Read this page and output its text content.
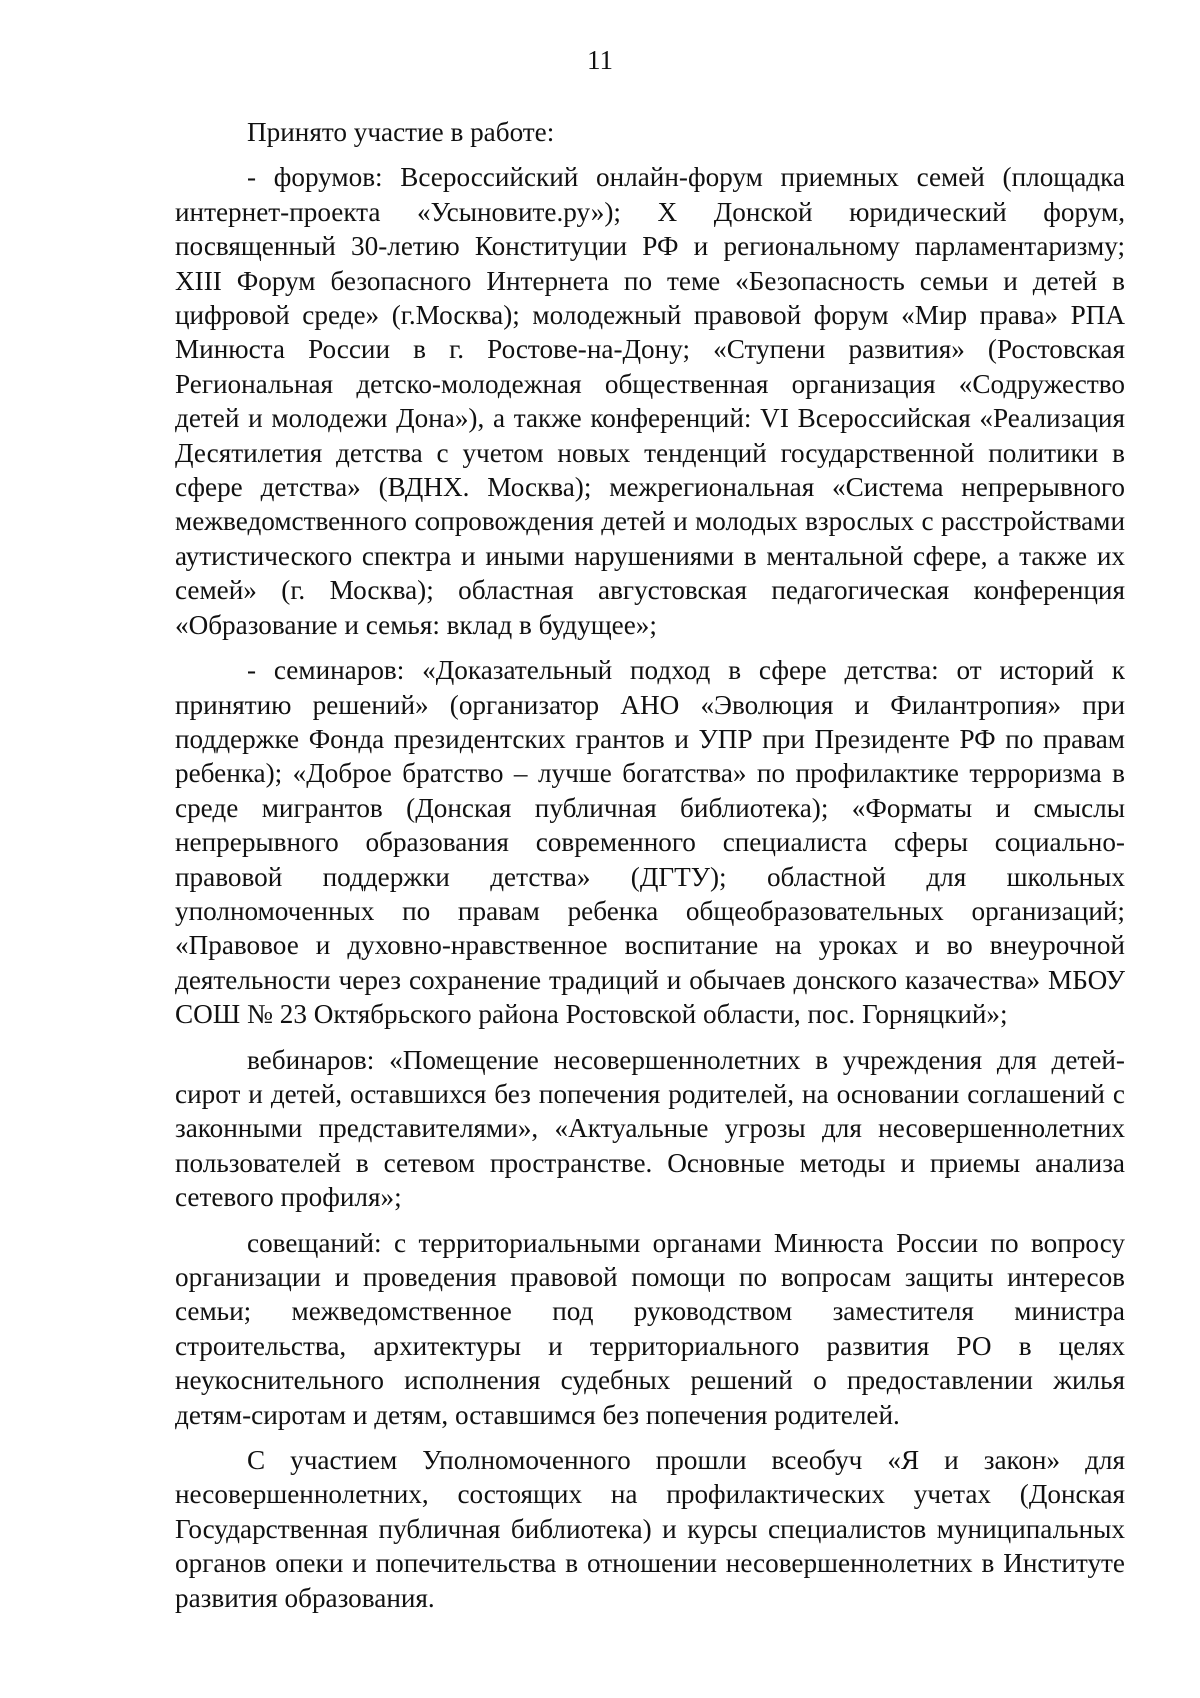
11

Принято участие в работе:

- форумов: Всероссийский онлайн-форум приемных семей (площадка интернет-проекта «Усыновите.ру»); X Донской юридический форум, посвященный 30-летию Конституции РФ и региональному парламентаризму; XIII Форум безопасного Интернета по теме «Безопасность семьи и детей в цифровой среде» (г.Москва); молодежный правовой форум «Мир права» РПА Минюста России в г. Ростове-на-Дону; «Ступени развития» (Ростовская Региональная детско-молодежная общественная организация «Содружество детей и молодежи Дона»), а также конференций: VI Всероссийская «Реализация Десятилетия детства с учетом новых тенденций государственной политики в сфере детства» (ВДНХ. Москва); межрегиональная «Система непрерывного межведомственного сопровождения детей и молодых взрослых с расстройствами аутистического спектра и иными нарушениями в ментальной сфере, а также их семей» (г. Москва); областная августовская педагогическая конференция «Образование и семья: вклад в будущее»;

- семинаров: «Доказательный подход в сфере детства: от историй к принятию решений» (организатор АНО «Эволюция и Филантропия» при поддержке Фонда президентских грантов и УПР при Президенте РФ по правам ребенка); «Доброе братство – лучше богатства» по профилактике терроризма в среде мигрантов (Донская публичная библиотека); «Форматы и смыслы непрерывного образования современного специалиста сферы социально-правовой поддержки детства» (ДГТУ); областной для школьных уполномоченных по правам ребенка общеобразовательных организаций; «Правовое и духовно-нравственное воспитание на уроках и во внеурочной деятельности через сохранение традиций и обычаев донского казачества» МБОУ СОШ № 23 Октябрьского района Ростовской области, пос. Горняцкий»;

вебинаров: «Помещение несовершеннолетних в учреждения для детей-сирот и детей, оставшихся без попечения родителей, на основании соглашений с законными представителями», «Актуальные угрозы для несовершеннолетних пользователей в сетевом пространстве. Основные методы и приемы анализа сетевого профиля»;

совещаний: с территориальными органами Минюста России по вопросу организации и проведения правовой помощи по вопросам защиты интересов семьи; межведомственное под руководством заместителя министра строительства, архитектуры и территориального развития РО в целях неукоснительного исполнения судебных решений о предоставлении жилья детям-сиротам и детям, оставшимся без попечения родителей.

С участием Уполномоченного прошли всеобуч «Я и закон» для несовершеннолетних, состоящих на профилактических учетах (Донская Государственная публичная библиотека) и курсы специалистов муниципальных органов опеки и попечительства в отношении несовершеннолетних в Институте развития образования.
